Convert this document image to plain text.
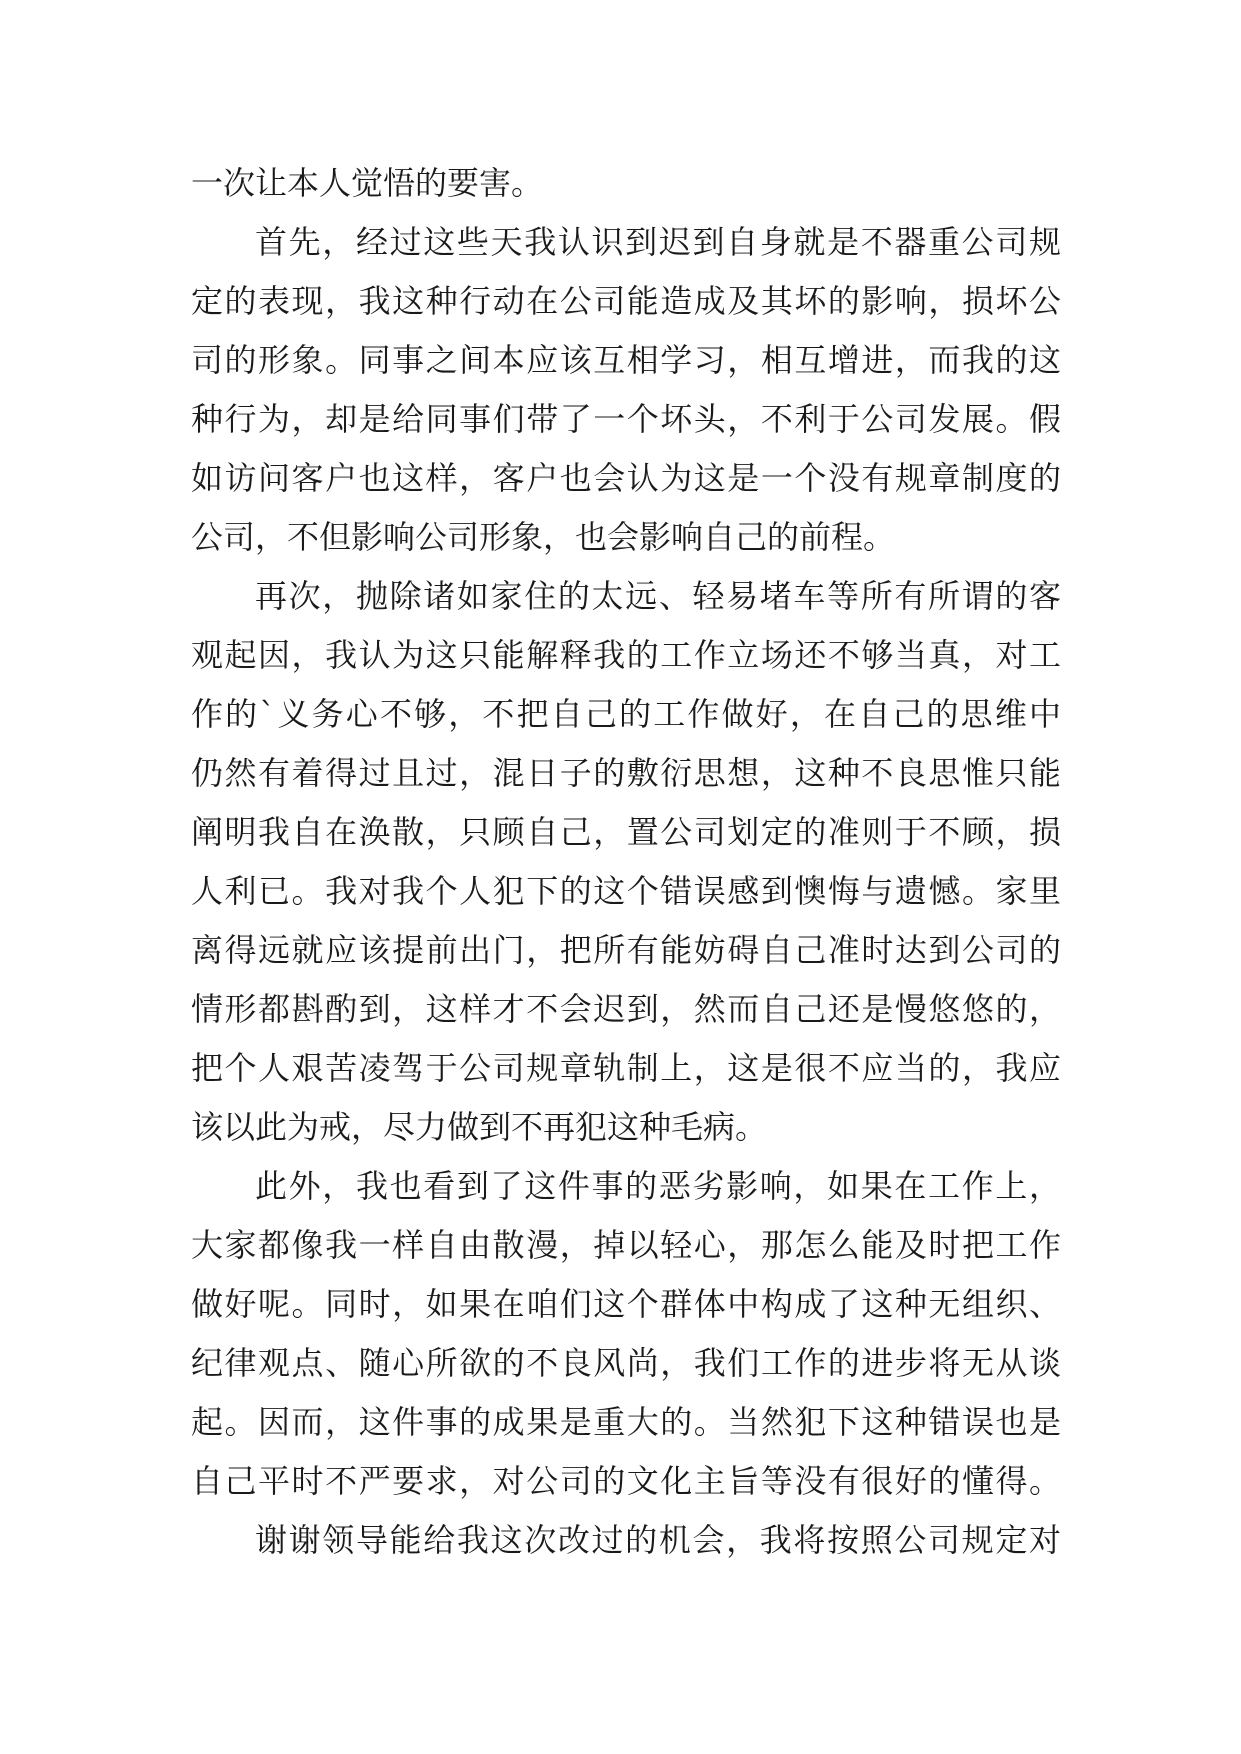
一次让本人觉悟的要害。
首先，经过这些天我认识到迟到自身就是不器重公司规
定的表现，我这种行动在公司能造成及其坏的影响，损坏公
司的形象。同事之间本应该互相学习，相互增进，而我的这
种行为，却是给同事们带了一个坏头，不利于公司发展。假
如访问客户也这样，客户也会认为这是一个没有规章制度的
公司，不但影响公司形象，也会影响自己的前程。
再次，抛除诸如家住的太远、轻易堵车等所有所谓的客
观起因，我认为这只能解释我的工作立场还不够当真，对工
作的`义务心不够，不把自己的工作做好，在自己的思维中
仍然有着得过且过，混日子的敷衍思想，这种不良思惟只能
阐明我自在涣散，只顾自己，置公司划定的准则于不顾，损
人利已。我对我个人犯下的这个错误感到懊悔与遗憾。家里
离得远就应该提前出门，把所有能妨碍自己准时达到公司的
情形都斟酌到，这样才不会迟到，然而自己还是慢悠悠的，
把个人艰苦凌驾于公司规章轨制上，这是很不应当的，我应
该以此为戒，尽力做到不再犯这种毛病。
此外，我也看到了这件事的恶劣影响，如果在工作上，
大家都像我一样自由散漫，掉以轻心，那怎么能及时把工作
做好呢。同时，如果在咱们这个群体中构成了这种无组织、
纪律观点、随心所欲的不良风尚，我们工作的进步将无从谈
起。因而，这件事的成果是重大的。当然犯下这种错误也是
自己平时不严要求，对公司的文化主旨等没有很好的懂得。
谢谢领导能给我这次改过的机会，我将按照公司规定对
